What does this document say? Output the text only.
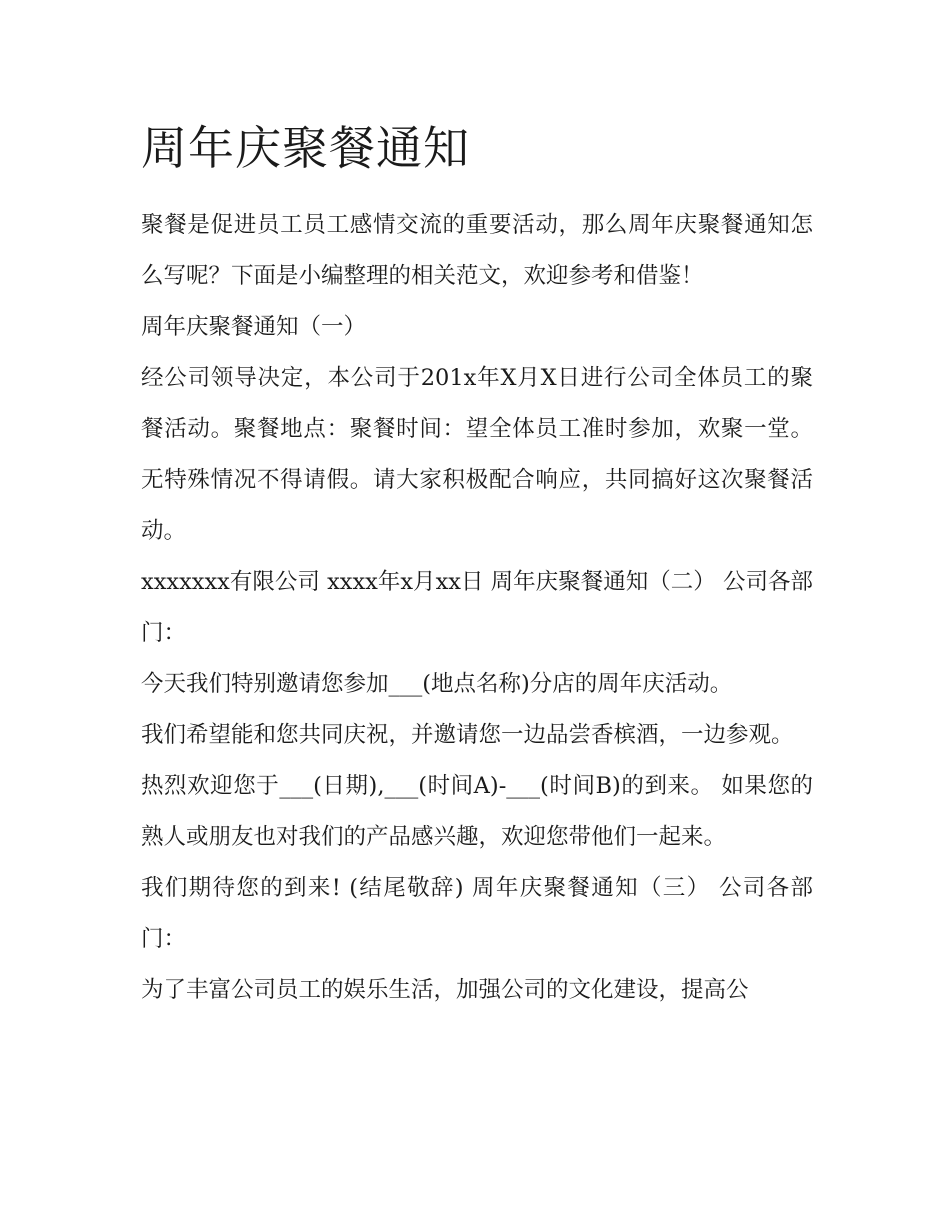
周年庆聚餐通知

聚餐是促进员工员工感情交流的重要活动，那么周年庆聚餐通知怎么写呢？下面是小编整理的相关范文，欢迎参考和借鉴！

周年庆聚餐通知（一）

经公司领导决定，本公司于201x年X月X日进行公司全体员工的聚餐活动。聚餐地点：聚餐时间：望全体员工准时参加，欢聚一堂。无特殊情况不得请假。请大家积极配合响应，共同搞好这次聚餐活动。

xxxxxxx有限公司 xxxx年x月xx日 周年庆聚餐通知（二） 公司各部门：

今天我们特别邀请您参加___(地点名称)分店的周年庆活动。

我们希望能和您共同庆祝，并邀请您一边品尝香槟酒，一边参观。

热烈欢迎您于___(日期),___(时间A)-___(时间B)的到来。 如果您的熟人或朋友也对我们的产品感兴趣，欢迎您带他们一起来。

我们期待您的到来! (结尾敬辞) 周年庆聚餐通知（三） 公司各部门：

为了丰富公司员工的娱乐生活，加强公司的文化建设，提高公
